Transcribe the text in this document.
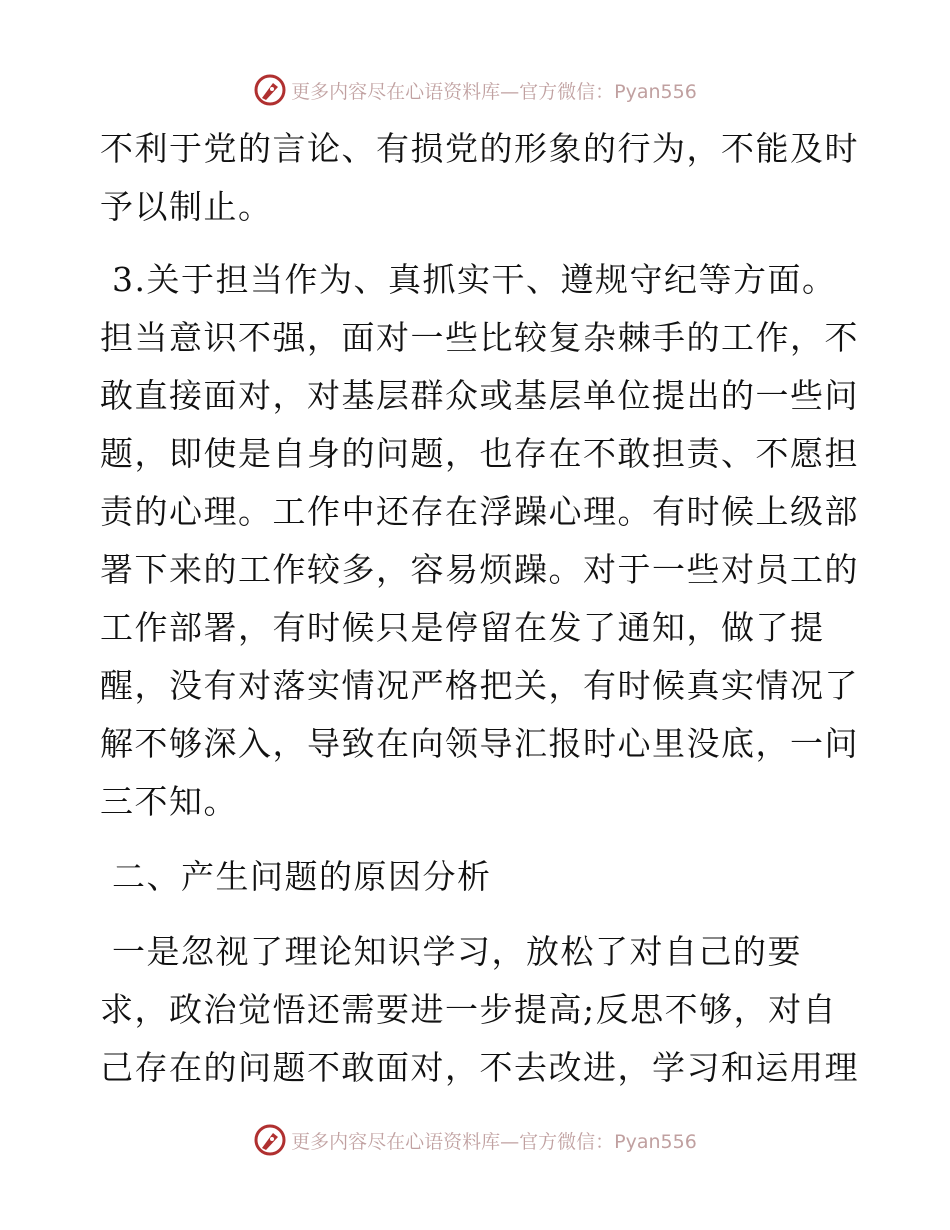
更多内容尽在心语资料库—官方微信：Pyan556
不利于党的言论、有损党的形象的行为，不能及时
予以制止。
3.关于担当作为、真抓实干、遵规守纪等方面。
担当意识不强，面对一些比较复杂棘手的工作，不
敢直接面对，对基层群众或基层单位提出的一些问
题，即使是自身的问题，也存在不敢担责、不愿担
责的心理。工作中还存在浮躁心理。有时候上级部
署下来的工作较多，容易烦躁。对于一些对员工的
工作部署，有时候只是停留在发了通知，做了提
醒，没有对落实情况严格把关，有时候真实情况了
解不够深入，导致在向领导汇报时心里没底，一问
三不知。
二、产生问题的原因分析
一是忽视了理论知识学习，放松了对自己的要
求，政治觉悟还需要进一步提高;反思不够，对自
己存在的问题不敢面对，不去改进，学习和运用理
更多内容尽在心语资料库—官方微信：Pyan556
